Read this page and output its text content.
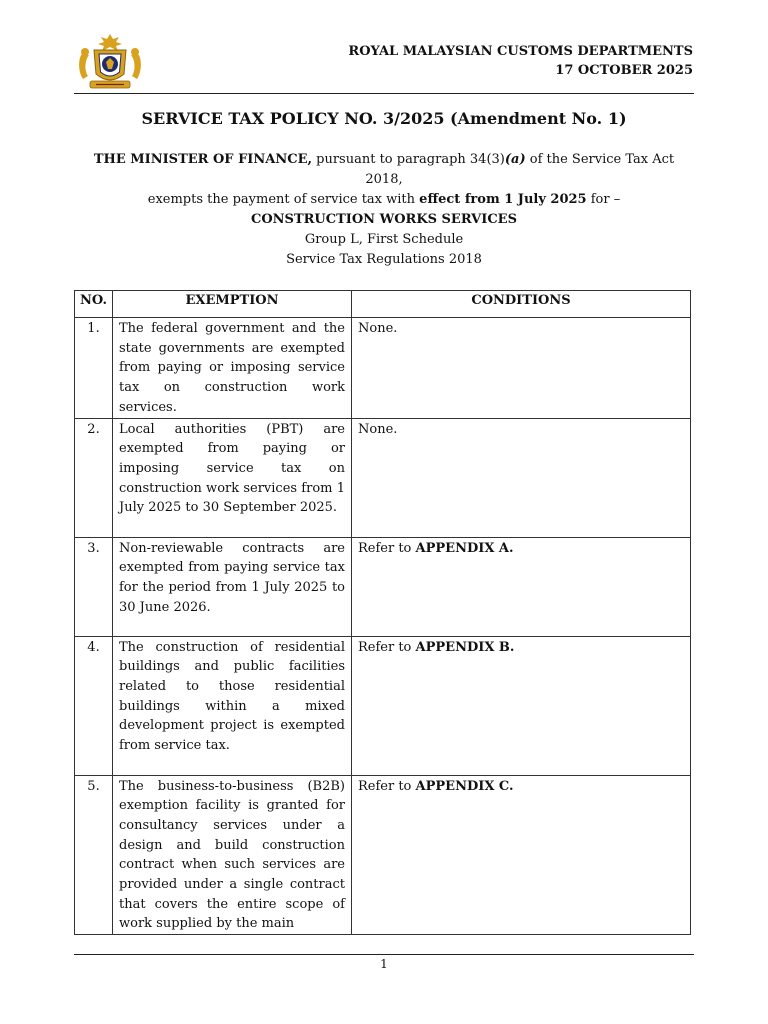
ROYAL MALAYSIAN CUSTOMS DEPARTMENTS
17 OCTOBER 2025
SERVICE TAX POLICY NO. 3/2025 (Amendment No. 1)
THE MINISTER OF FINANCE, pursuant to paragraph 34(3)(a) of the Service Tax Act 2018,
exempts the payment of service tax with effect from 1 July 2025 for –
CONSTRUCTION WORKS SERVICES
Group L, First Schedule
Service Tax Regulations 2018
NO.	EXEMPTION	CONDITIONS
1.	The federal government and the state governments are exempted from paying or imposing service tax on construction work services.	None.
2.	Local authorities (PBT) are exempted from paying or imposing service tax on construction work services from 1 July 2025 to 30 September 2025.	None.
3.	Non-reviewable contracts are exempted from paying service tax for the period from 1 July 2025 to 30 June 2026.	Refer to APPENDIX A.
4.	The construction of residential buildings and public facilities related to those residential buildings within a mixed development project is exempted from service tax.	Refer to APPENDIX B.
5.	The business-to-business (B2B) exemption facility is granted for consultancy services under a design and build construction contract when such services are provided under a single contract that covers the entire scope of work supplied by the main	Refer to APPENDIX C.
1
